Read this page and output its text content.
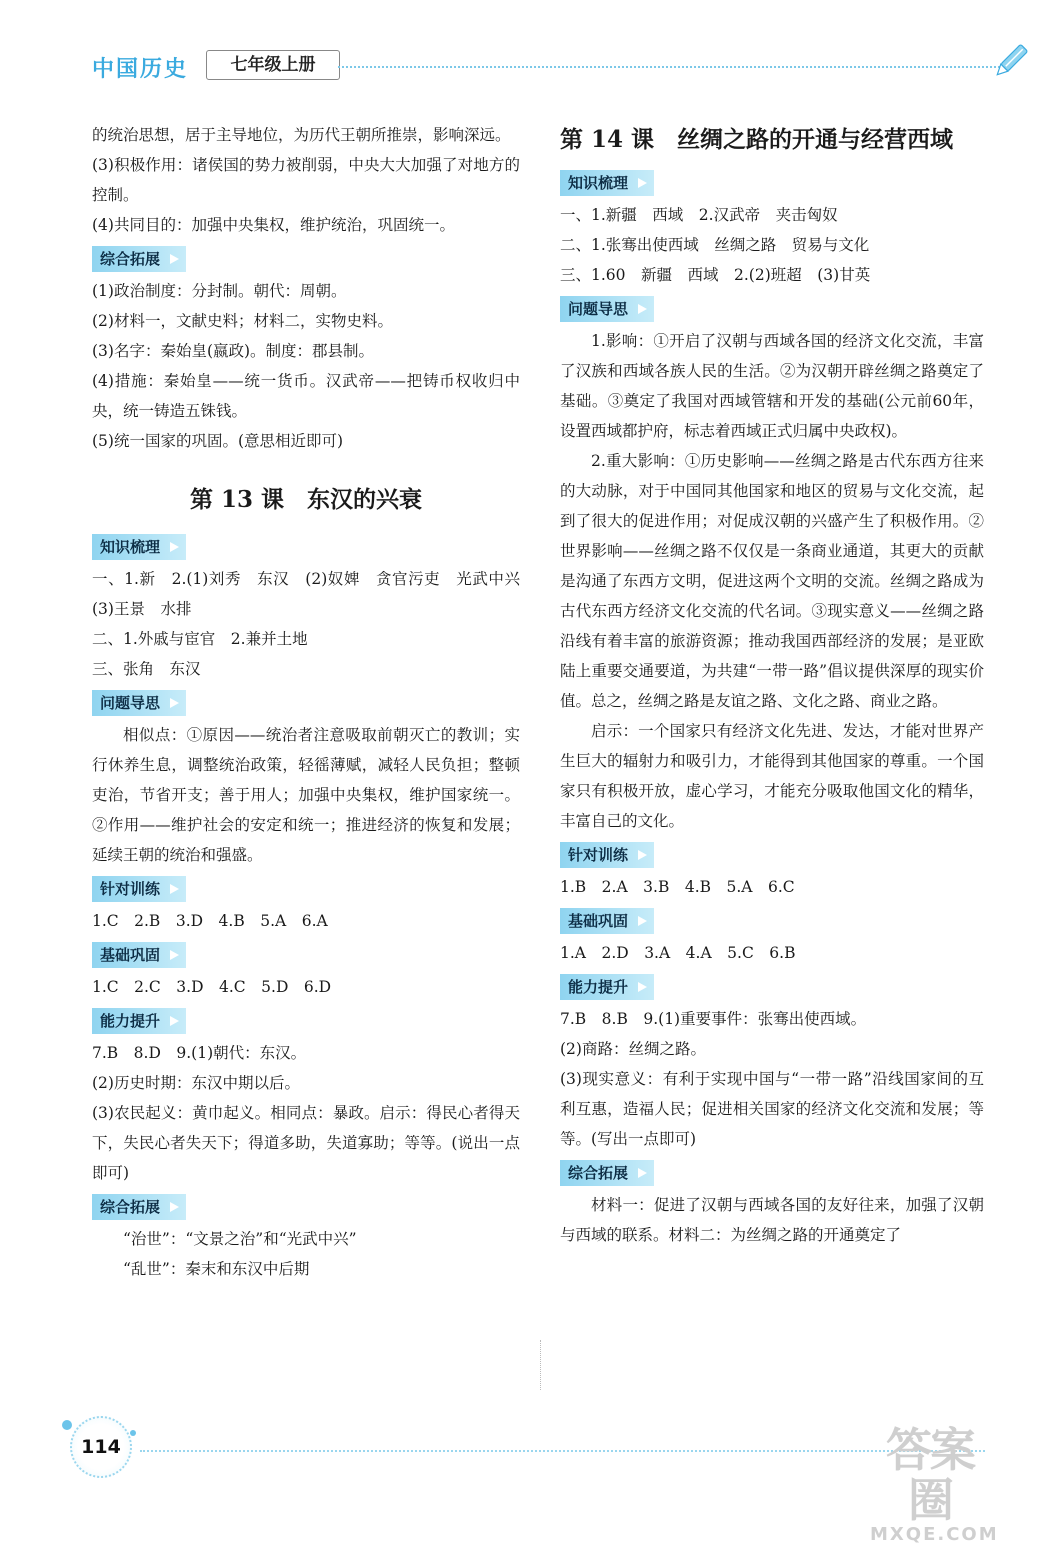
中国历史	七年级上册

的统治思想，居于主导地位，为历代王朝所推崇，影响深远。

(3)积极作用：诸侯国的势力被削弱，中央大大加强了对地方的控制。

(4)共同目的：加强中央集权，维护统治，巩固统一。

综合拓展

(1)政治制度：分封制。朝代：周朝。

(2)材料一，文献史料；材料二，实物史料。

(3)名字：秦始皇(嬴政)。制度：郡县制。

(4)措施：秦始皇——统一货币。汉武帝——把铸币权收归中央，统一铸造五铢钱。

(5)统一国家的巩固。(意思相近即可)

第 13 课　东汉的兴衰
知识梳理

一、1.新　2.(1)刘秀　东汉　(2)奴婢　贪官污吏　光武中兴　(3)王景　水排

二、1.外戚与宦官　2.兼并土地

三、张角　东汉

问题导思

相似点：①原因——统治者注意吸取前朝灭亡的教训；实行休养生息，调整统治政策，轻徭薄赋，减轻人民负担；整顿吏治，节省开支；善于用人；加强中央集权，维护国家统一。②作用——维护社会的安定和统一；推进经济的恢复和发展；延续王朝的统治和强盛。

针对训练

1.C　2.B　3.D　4.B　5.A　6.A

基础巩固

1.C　2.C　3.D　4.C　5.D　6.D

能力提升

7.B　8.D　9.(1)朝代：东汉。

(2)历史时期：东汉中期以后。

(3)农民起义：黄巾起义。相同点：暴政。启示：得民心者得天下，失民心者失天下；得道多助，失道寡助；等等。(说出一点即可)

综合拓展

“治世”：“文景之治”和“光武中兴”

“乱世”：秦末和东汉中后期

第 14 课　丝绸之路的开通与经营西域
知识梳理

一、1.新疆　西域　2.汉武帝　夹击匈奴

二、1.张骞出使西域　丝绸之路　贸易与文化

三、1.60　新疆　西域　2.(2)班超　(3)甘英

问题导思

1.影响：①开启了汉朝与西域各国的经济文化交流，丰富了汉族和西域各族人民的生活。②为汉朝开辟丝绸之路奠定了基础。③奠定了我国对西域管辖和开发的基础(公元前60年，设置西域都护府，标志着西域正式归属中央政权)。

2.重大影响：①历史影响——丝绸之路是古代东西方往来的大动脉，对于中国同其他国家和地区的贸易与文化交流，起到了很大的促进作用；对促成汉朝的兴盛产生了积极作用。②世界影响——丝绸之路不仅仅是一条商业通道，其更大的贡献是沟通了东西方文明，促进这两个文明的交流。丝绸之路成为古代东西方经济文化交流的代名词。③现实意义——丝绸之路沿线有着丰富的旅游资源；推动我国西部经济的发展；是亚欧陆上重要交通要道，为共建“一带一路”倡议提供深厚的现实价值。总之，丝绸之路是友谊之路、文化之路、商业之路。

启示：一个国家只有经济文化先进、发达，才能对世界产生巨大的辐射力和吸引力，才能得到其他国家的尊重。一个国家只有积极开放，虚心学习，才能充分吸取他国文化的精华，丰富自己的文化。

针对训练

1.B　2.A　3.B　4.B　5.A　6.C

基础巩固

1.A　2.D　3.A　4.A　5.C　6.B

能力提升

7.B　8.B　9.(1)重要事件：张骞出使西域。

(2)商路：丝绸之路。

(3)现实意义：有利于实现中国与“一带一路”沿线国家间的互利互惠，造福人民；促进相关国家的经济文化交流和发展；等等。(写出一点即可)

综合拓展

材料一：促进了汉朝与西域各国的友好往来，加强了汉朝与西域的联系。材料二：为丝绸之路的开通奠定了

114	答案圈
MXQE.COM
